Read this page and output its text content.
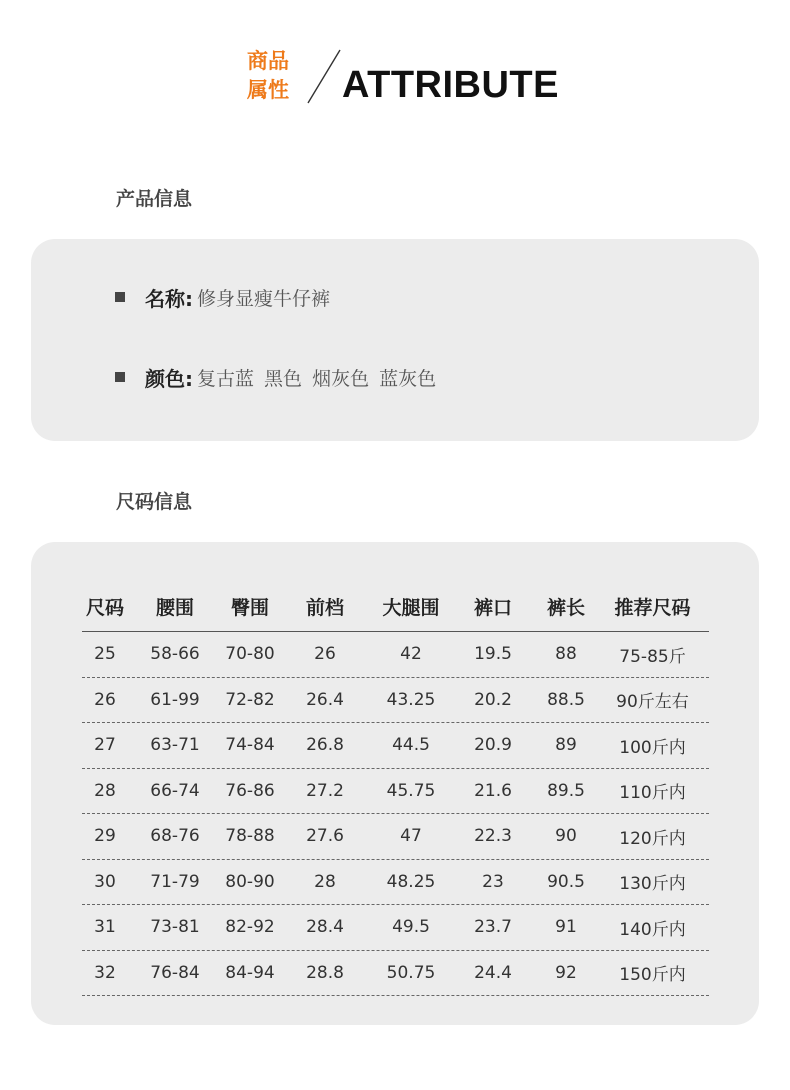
商品
属性 ATTRIBUTE
产品信息
名称: 修身显瘦牛仔裤
颜色: 复古蓝 黑色 烟灰色 蓝灰色
尺码信息
尺码	腰围	臀围	前档	大腿围	裤口	裤长	推荐尺码
25	58-66	70-80	26	42	19.5	88	75-85斤
26	61-99	72-82	26.4	43.25	20.2	88.5	90斤左右
27	63-71	74-84	26.8	44.5	20.9	89	100斤内
28	66-74	76-86	27.2	45.75	21.6	89.5	110斤内
29	68-76	78-88	27.6	47	22.3	90	120斤内
30	71-79	80-90	28	48.25	23	90.5	130斤内
31	73-81	82-92	28.4	49.5	23.7	91	140斤内
32	76-84	84-94	28.8	50.75	24.4	92	150斤内
